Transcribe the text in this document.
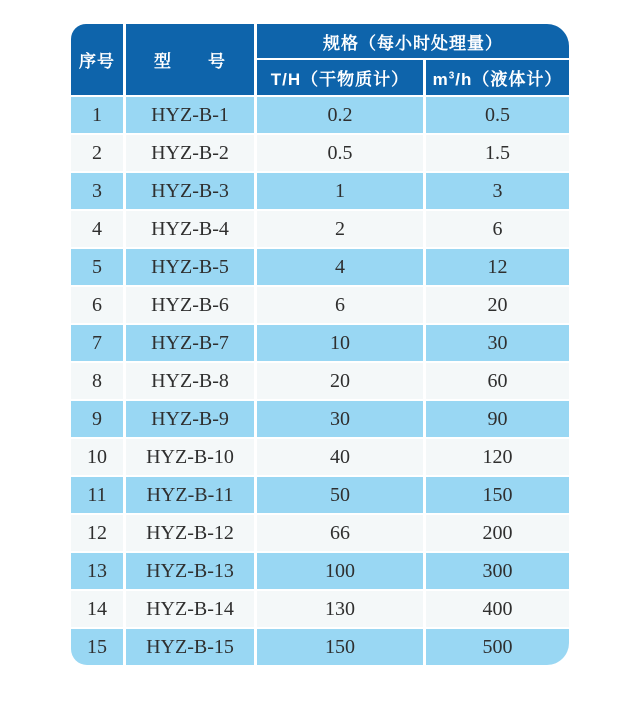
序号	型　　号	规格（每小时处理量）	
		T/H（干物质计）	$m^3/h$（液体计）
1	HYZ-B-1	0.2	0.5
2	HYZ-B-2	0.5	1.5
3	HYZ-B-3	1	3
4	HYZ-B-4	2	6
5	HYZ-B-5	4	12
6	HYZ-B-6	6	20
7	HYZ-B-7	10	30
8	HYZ-B-8	20	60
9	HYZ-B-9	30	90
10	HYZ-B-10	40	120
11	HYZ-B-11	50	150
12	HYZ-B-12	66	200
13	HYZ-B-13	100	300
14	HYZ-B-14	130	400
15	HYZ-B-15	150	500
